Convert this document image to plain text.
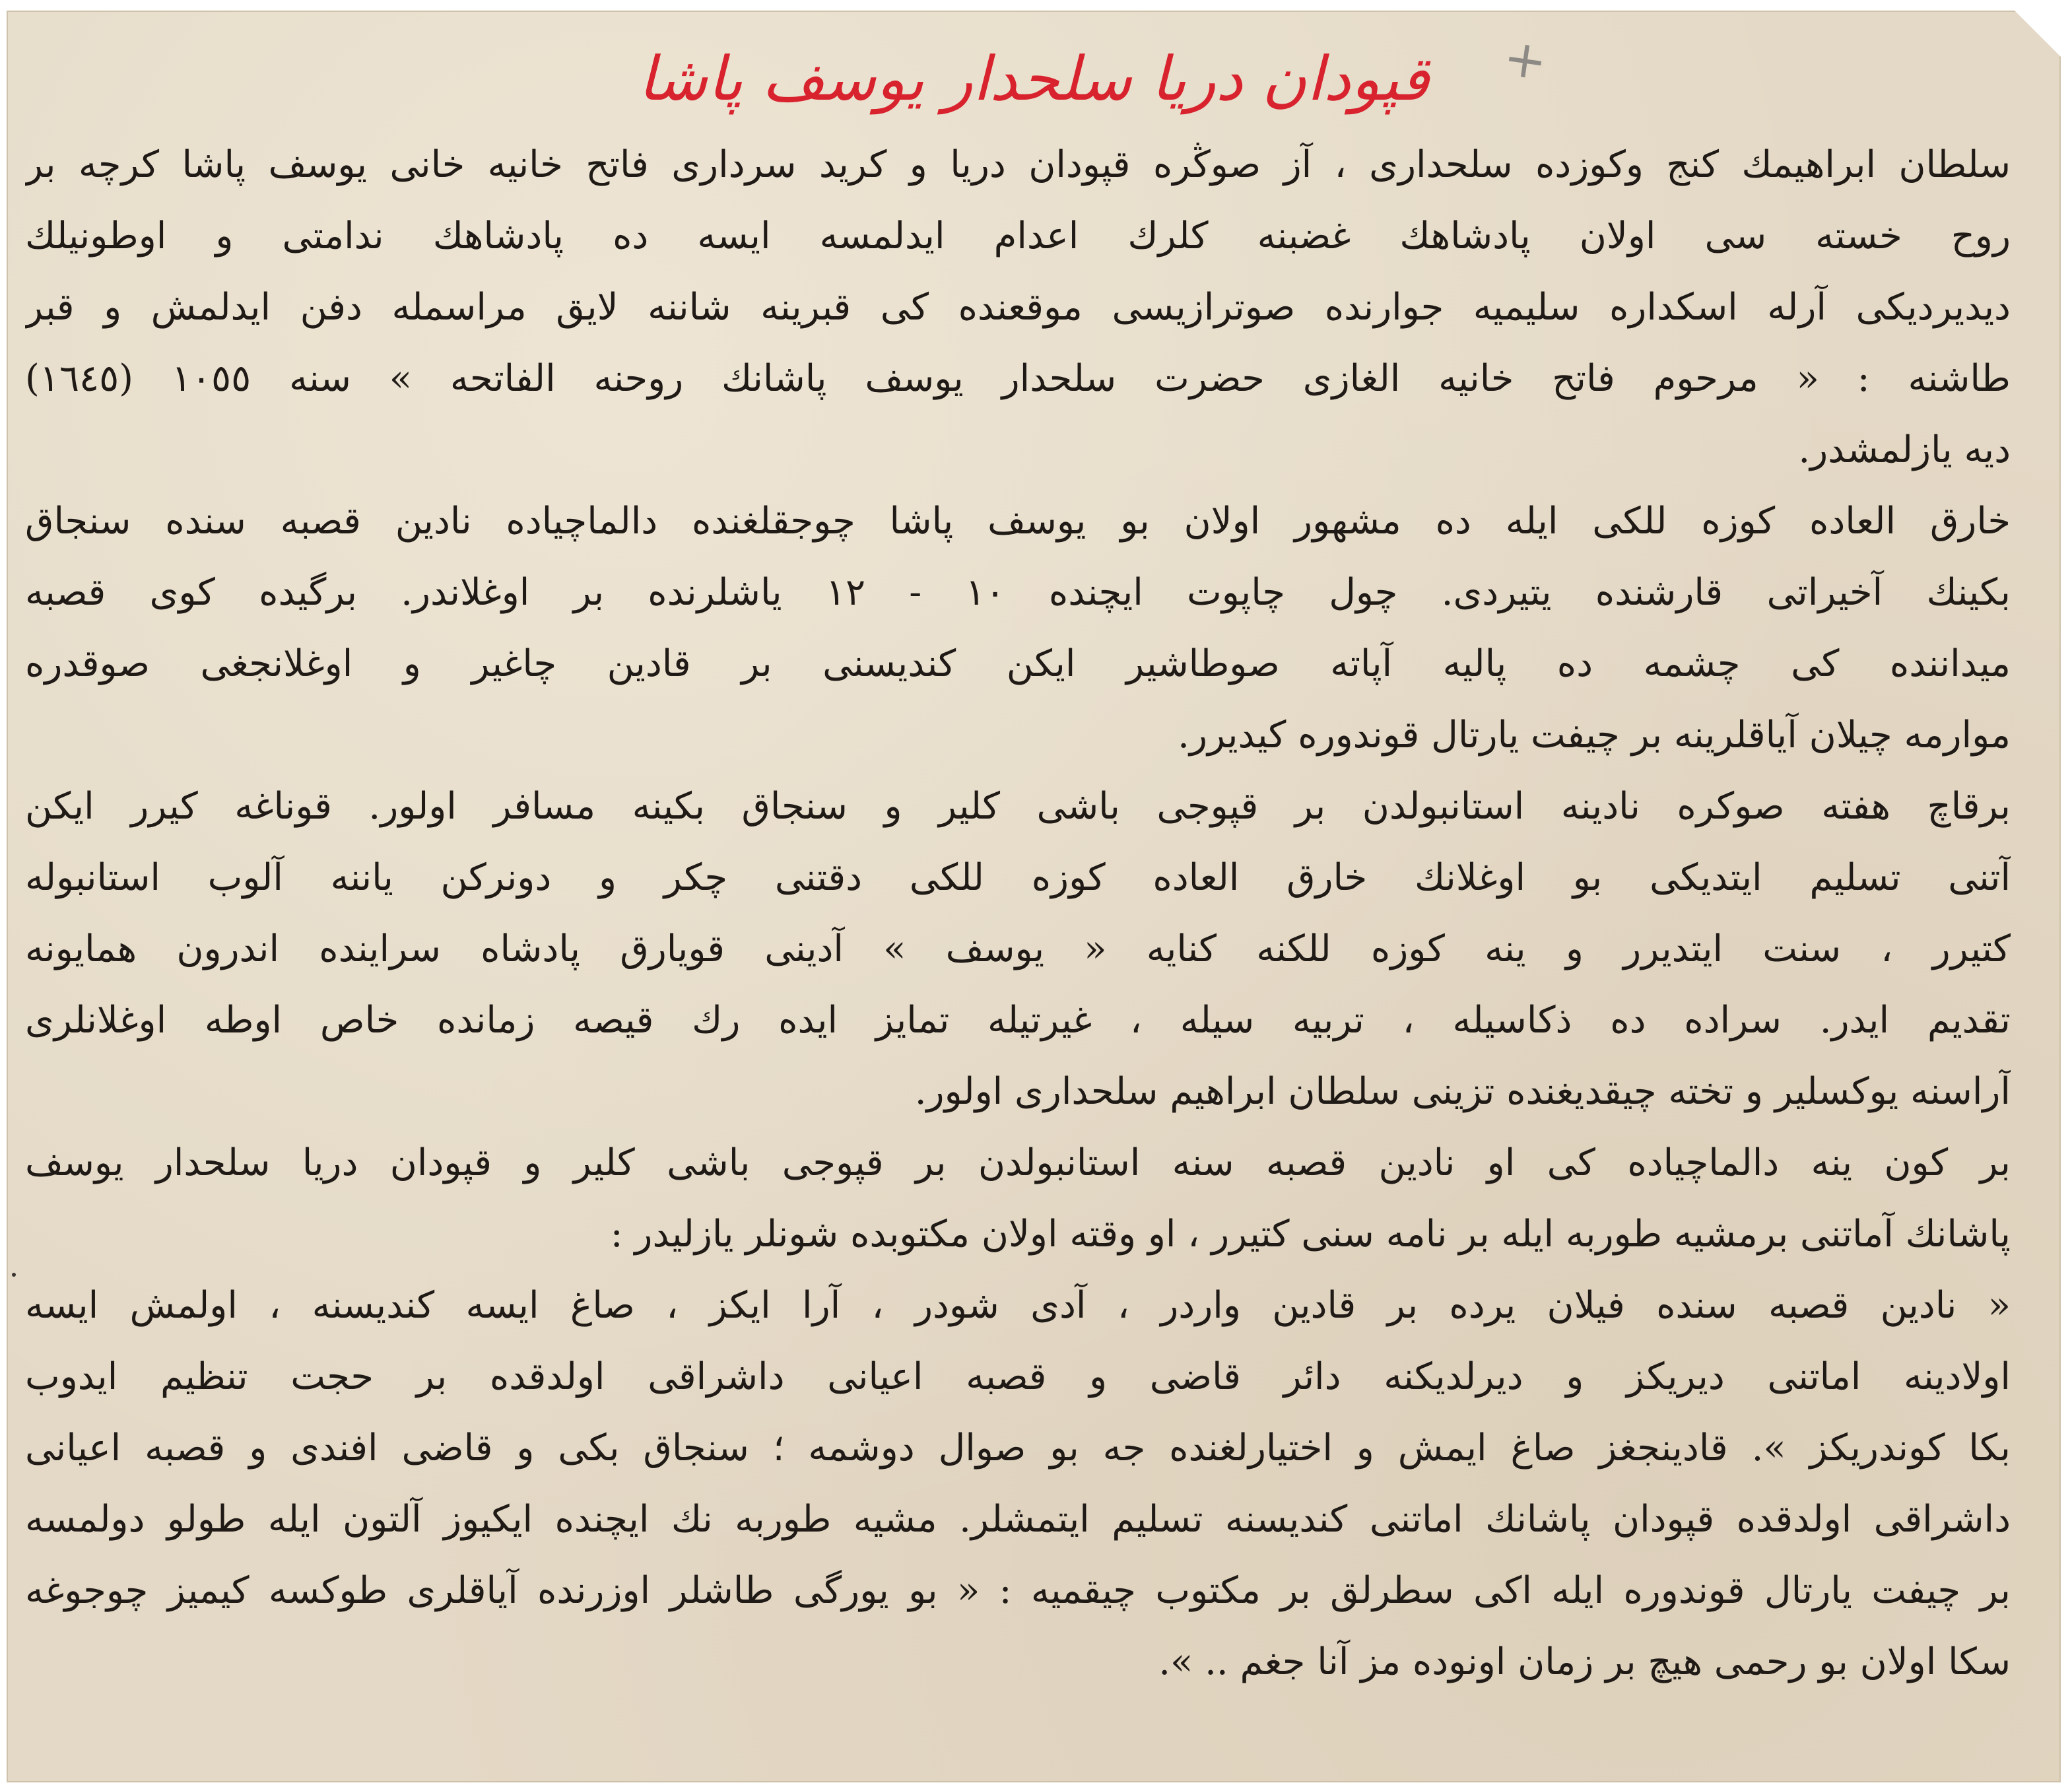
+
قپودان دریا سلحدار یوسف پاشا
سلطان ابراهیمك كنج وكوزده سلحداری ، آز صوڭره قپودان دریا و كرید سرداری فاتح خانیه خانی یوسف پاشا كرچه بر
روح خسته سی اولان پادشاهك غضبنه كلرك اعدام ایدلمسه ایسه ده پادشاهك ندامتی و اوطونیلك
دیدیردیكی آرله اسكداره سلیمیه جوارنده صوترازیسی موقعنده كی قبرینه شاننه لایق مراسمله دفن ایدلمش و قبر
طاشنه : « مرحوم فاتح خانیه الغازی حضرت سلحدار یوسف پاشانك روحنه الفاتحه » سنه ١٠٥٥ (١٦٤٥)
دیه یازلمشدر.
خارق العاده كوزه للكی ایله ده مشهور اولان بو یوسف پاشا چوجقلغنده دالماچیاده نادین قصبه سنده سنجاق
بكینك آخیراتی قارشنده یتیردی. چول چاپوت ایچنده ١٠ - ١٢ یاشلرنده بر اوغلاندر. برگیده كوی قصبه
میداننده كی چشمه ده پالیه آپاته صوطاشیر ایكن كندیسنی بر قادین چاغیر و اوغلانجغی صوقدره
موارمه چیلان آیاقلرینه بر چیفت یارتال قوندوره كیدیرر.
برقاچ هفته صوكره نادینه استانبولدن بر قپوجی باشی كلیر و سنجاق بكینه مسافر اولور. قوناغه كیرر ایكن
آتنی تسلیم ایتدیكی بو اوغلانك خارق العاده كوزه للكی دقتنی چكر و دونركن یاننه آلوب استانبوله
كتیرر ، سنت ایتدیرر و ینه كوزه للكنه كنایه « یوسف » آدینی قویارق پادشاه سراینده اندرون همایونه
تقدیم ایدر. سراده ده ذكاسیله ، تربیه سیله ، غیرتیله تمایز ایده رك قیصه زمانده خاص اوطه اوغلانلری
آراسنه یوكسلیر و تخته چیقدیغنده تزینی سلطان ابراهیم سلحداری اولور.
بر كون ینه دالماچیاده كی او نادین قصبه سنه استانبولدن بر قپوجی باشی كلیر و قپودان دریا سلحدار یوسف
پاشانك آماتنی برمشیه طوربه ایله بر نامه سنی كتیرر ، او وقته اولان مكتوبده شونلر یازلیدر :
« نادین قصبه سنده فیلان یرده بر قادین واردر ، آدی شودر ، آرا ایكز ، صاغ ایسه كندیسنه ، اولمش ایسه
اولادینه اماتنی دیریكز و دیرلدیكنه دائر قاضی و قصبه اعیانی داشراقی اولدقده بر حجت تنظیم ایدوب
بكا كوندریكز ». قادینجغز صاغ ایمش و اختیارلغنده جه بو صوال دوشمه ؛ سنجاق بكی و قاضی افندی و قصبه اعیانی
داشراقی اولدقده قپودان پاشانك اماتنی كندیسنه تسلیم ایتمشلر. مشیه طوربه نك ایچنده ایكیوز آلتون ایله طولو دولمسه
بر چیفت یارتال قوندوره ایله اكی سطرلق بر مكتوب چیقمیه : « بو یورگی طاشلر اوزرنده آیاقلری طوكسه كیمیز چوجوغه
سكا اولان بو رحمی هیچ بر زمان اونوده مز آنا جغم .. ».
